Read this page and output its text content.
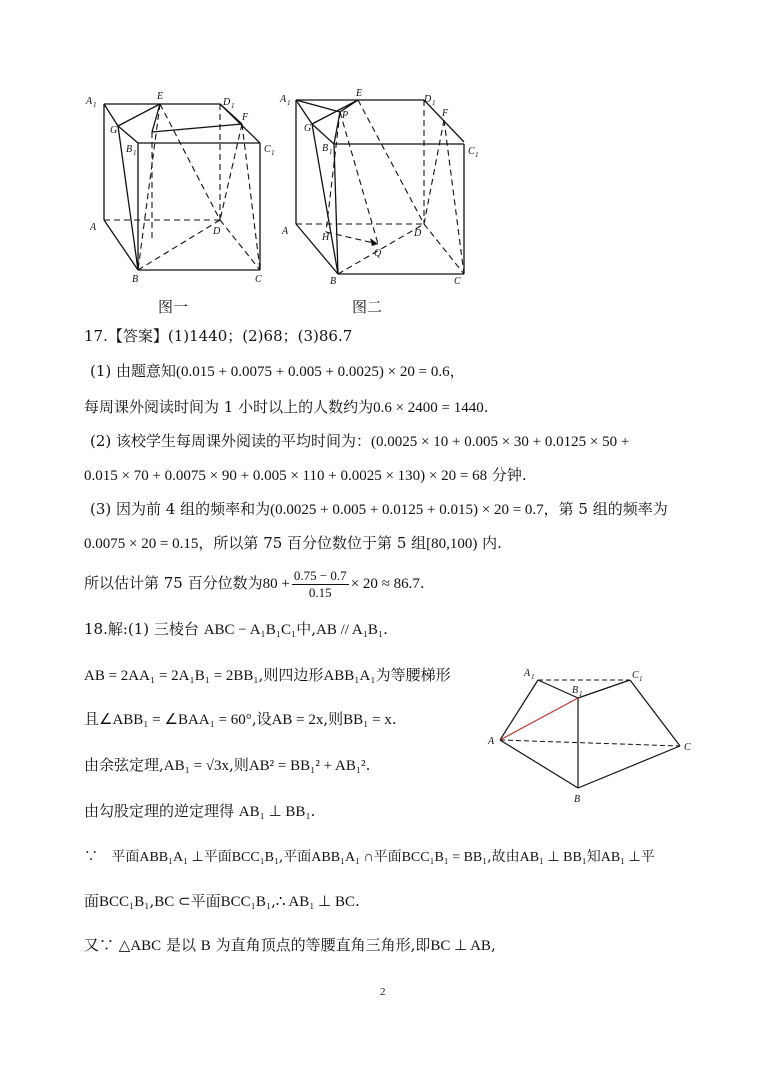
A 1
E
D 1
F
G
B 1	C 1
A	D
B	C
图一
A 1
E
D 1
F
G
P
B 1	C 1
A
H	D
Q
B	C
图二
17.【答案】(1)1440；(2)68；(3)86.7
(1) 由题意知(0.015 + 0.0075 + 0.005 + 0.0025) × 20 = 0.6，
每周课外阅读时间为 1 小时以上的人数约为0.6 × 2400 = 1440.
(2) 该校学生每周课外阅读的平均时间为：(0.0025 × 10 + 0.005 × 30 + 0.0125 × 50 +
0.015 × 70 + 0.0075 × 90 + 0.005 × 110 + 0.0025 × 130) × 20 = 68 分钟.
(3) 因为前 4 组的频率和为(0.0025 + 0.005 + 0.0125 + 0.015) × 20 = 0.7，第 5 组的频率为
0.0075 × 20 = 0.15，所以第 75 百分位数位于第 5 组[80,100) 内.
所以估计第 75 百分位数为$80 + \frac{0.75 - 0.7}{0.15} \times 20 \approx 86.7$.
A 1	C 1
B 1
A
C
B
18.解:(1) 三棱台 ABC − A₁B₁C₁中,AB // A₁B₁.
AB = 2AA₁ = 2A₁B₁ = 2BB₁,则四边形ABB₁A₁为等腰梯形
且∠ABB₁ = ∠BAA₁ = 60°,设AB = 2x,则BB₁ = x.
由余弦定理,AB₁ = √3x,则AB² = BB₁² + AB₁².
由勾股定理的逆定理得 AB₁ ⊥ BB₁.
∵ 平面ABB₁A₁ ⊥平面BCC₁B₁,平面ABB₁A₁ ∩平面BCC₁B₁ = BB₁,故由AB₁ ⊥ BB₁知AB₁ ⊥平
面BCC₁B₁,BC ⊂平面BCC₁B₁,∴ AB₁ ⊥ BC.
又∵ △ABC 是以 B 为直角顶点的等腰直角三角形,即BC ⊥ AB,
2
